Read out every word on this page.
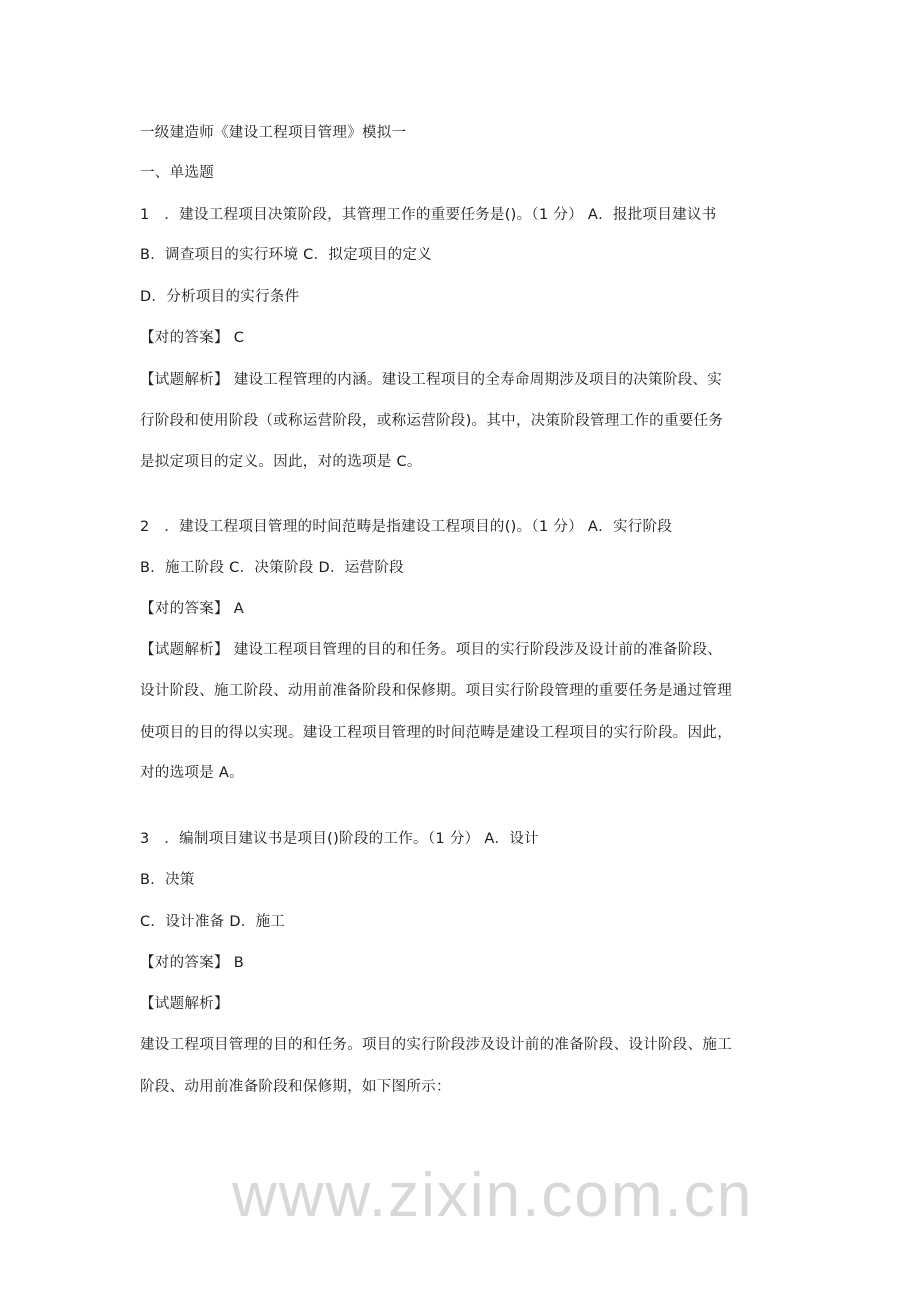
www.zixin.com.cn
一级建造师《建设工程项目管理》模拟一
一、单选题
1　．建设工程项目决策阶段，其管理工作的重要任务是()。（1 分） A．报批项目建议书
B．调查项目的实行环境 C．拟定项目的定义
D．分析项目的实行条件
【对的答案】 C
【试题解析】 建设工程管理的内涵。建设工程项目的全寿命周期涉及项目的决策阶段、实
行阶段和使用阶段（或称运营阶段，或称运营阶段)。其中，决策阶段管理工作的重要任务
是拟定项目的定义。因此，对的选项是 C。
2　．建设工程项目管理的时间范畴是指建设工程项目的()。（1 分） A．实行阶段
B．施工阶段 C．决策阶段 D．运营阶段
【对的答案】 A
【试题解析】 建设工程项目管理的目的和任务。项目的实行阶段涉及设计前的准备阶段、
设计阶段、施工阶段、动用前准备阶段和保修期。项目实行阶段管理的重要任务是通过管理
使项目的目的得以实现。建设工程项目管理的时间范畴是建设工程项目的实行阶段。因此，
对的选项是 A。
3　．编制项目建议书是项目()阶段的工作。（1 分） A．设计
B．决策
C．设计准备 D．施工
【对的答案】 B
【试题解析】
建设工程项目管理的目的和任务。项目的实行阶段涉及设计前的准备阶段、设计阶段、施工
阶段、动用前准备阶段和保修期，如下图所示：
